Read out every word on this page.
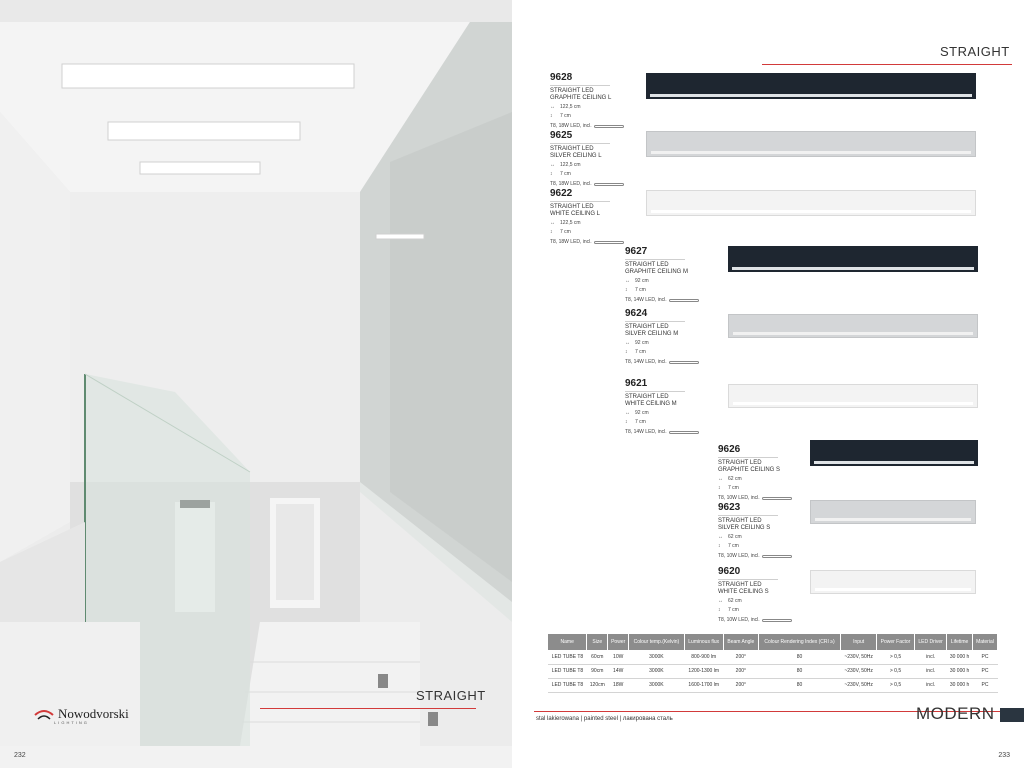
STRAIGHT
Nowodvorski
LIGHTING
232
STRAIGHT
9628
STRAIGHT LED
GRAPHITE CEILING L
↔ 122,5 cm
↕ 7 cm
T8, 18W LED, incl.
9625
STRAIGHT LED
SILVER CEILING L
↔ 122,5 cm
↕ 7 cm
T8, 18W LED, incl.
9622
STRAIGHT LED
WHITE CEILING L
↔ 122,5 cm
↕ 7 cm
T8, 18W LED, incl.
9627
STRAIGHT LED
GRAPHITE CEILING M
↔ 92 cm
↕ 7 cm
T8, 14W LED, incl.
9624
STRAIGHT LED
SILVER CEILING M
↔ 92 cm
↕ 7 cm
T8, 14W LED, incl.
9621
STRAIGHT LED
WHITE CEILING M
↔ 92 cm
↕ 7 cm
T8, 14W LED, incl.
9626
STRAIGHT LED
GRAPHITE CEILING S
↔ 62 cm
↕ 7 cm
T8, 10W LED, incl.
9623
STRAIGHT LED
SILVER CEILING S
↔ 62 cm
↕ 7 cm
T8, 10W LED, incl.
9620
STRAIGHT LED
WHITE CEILING S
↔ 62 cm
↕ 7 cm
T8, 10W LED, incl.
Name	Size	Power	Colour temp.(Kelvin)	Luminous flux	Beam Angle	Colour Rendering Index (CRI ≥)	Input	Power Factor	LED Driver	Lifetime	Material
LED TUBE T8	60cm	10W	3000K	800-900 lm	200°	80	~230V, 50Hz	> 0,5	incl.	30 000 h	PC
LED TUBE T8	90cm	14W	3000K	1200-1300 lm	200°	80	~230V, 50Hz	> 0,5	incl.	30 000 h	PC
LED TUBE T8	120cm	18W	3000K	1600-1700 lm	200°	80	~230V, 50Hz	> 0,5	incl.	30 000 h	PC
stal lakierowana | painted steel | лакирована сталь	MODERN
233
